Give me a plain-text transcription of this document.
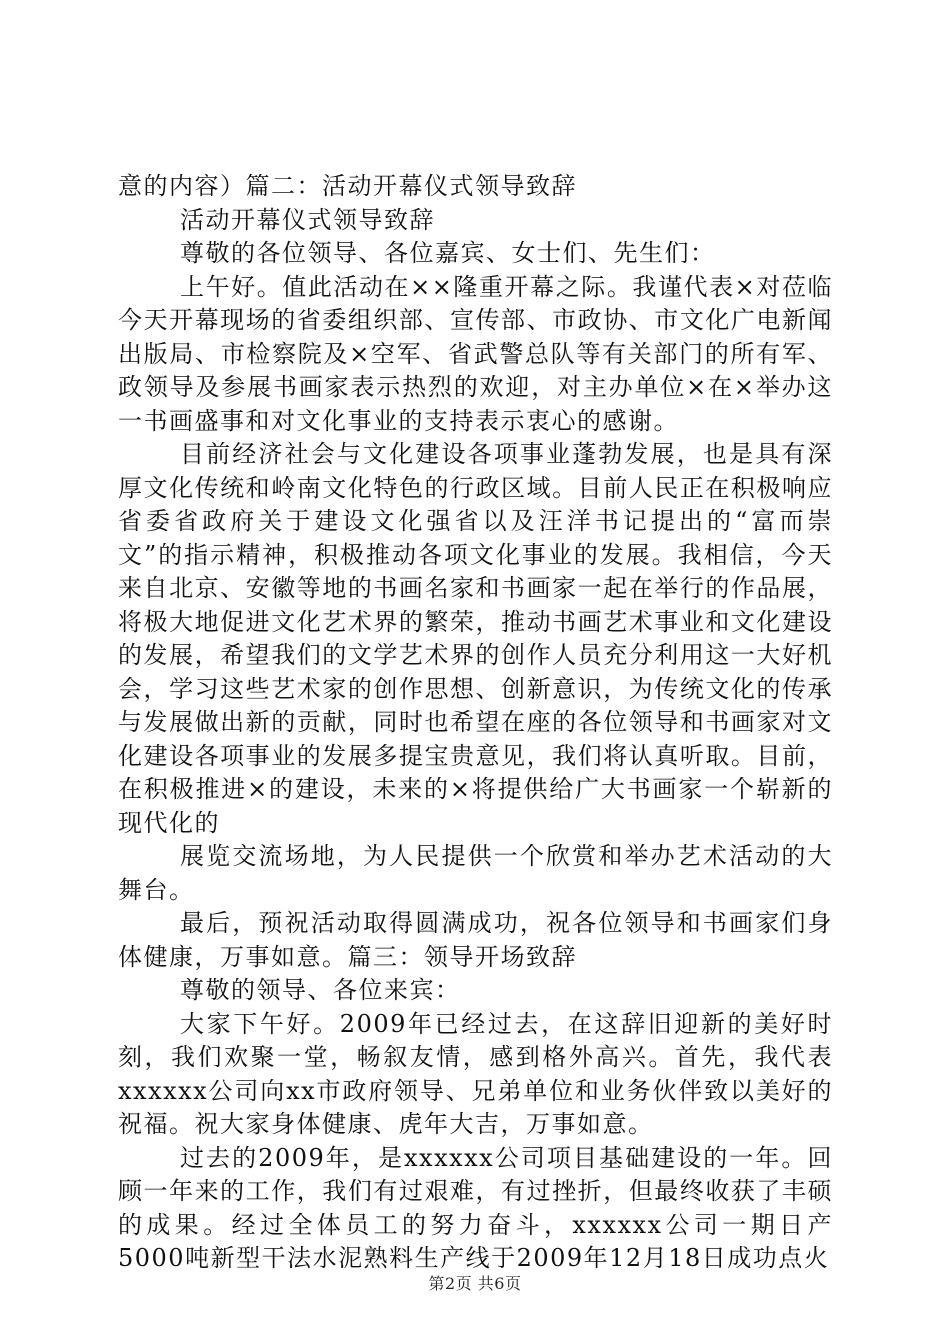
意的内容）篇二：活动开幕仪式领导致辞

活动开幕仪式领导致辞

尊敬的各位领导、各位嘉宾、女士们、先生们：

上午好。值此活动在××隆重开幕之际。我谨代表×对莅临今天开幕现场的省委组织部、宣传部、市政协、市文化广电新闻出版局、市检察院及×空军、省武警总队等有关部门的所有军、政领导及参展书画家表示热烈的欢迎，对主办单位×在×举办这一书画盛事和对文化事业的支持表示衷心的感谢。

目前经济社会与文化建设各项事业蓬勃发展，也是具有深厚文化传统和岭南文化特色的行政区域。目前人民正在积极响应省委省政府关于建设文化强省以及汪洋书记提出的“富而崇文”的指示精神，积极推动各项文化事业的发展。我相信，今天来自北京、安徽等地的书画名家和书画家一起在举行的作品展，将极大地促进文化艺术界的繁荣，推动书画艺术事业和文化建设的发展，希望我们的文学艺术界的创作人员充分利用这一大好机会，学习这些艺术家的创作思想、创新意识，为传统文化的传承与发展做出新的贡献，同时也希望在座的各位领导和书画家对文化建设各项事业的发展多提宝贵意见，我们将认真听取。目前，在积极推进×的建设，未来的×将提供给广大书画家一个崭新的现代化的

展览交流场地，为人民提供一个欣赏和举办艺术活动的大舞台。

最后，预祝活动取得圆满成功，祝各位领导和书画家们身体健康，万事如意。篇三：领导开场致辞

尊敬的领导、各位来宾：

大家下午好。2009年已经过去，在这辞旧迎新的美好时刻，我们欢聚一堂，畅叙友情，感到格外高兴。首先，我代表xxxxxx公司向xx市政府领导、兄弟单位和业务伙伴致以美好的祝福。祝大家身体健康、虎年大吉，万事如意。

过去的2009年，是xxxxxx公司项目基础建设的一年。回顾一年来的工作，我们有过艰难，有过挫折，但最终收获了丰硕的成果。经过全体员工的努力奋斗，xxxxxx公司一期日产5000吨新型干法水泥熟料生产线于2009年12月18日成功点火

第2页 共6页
